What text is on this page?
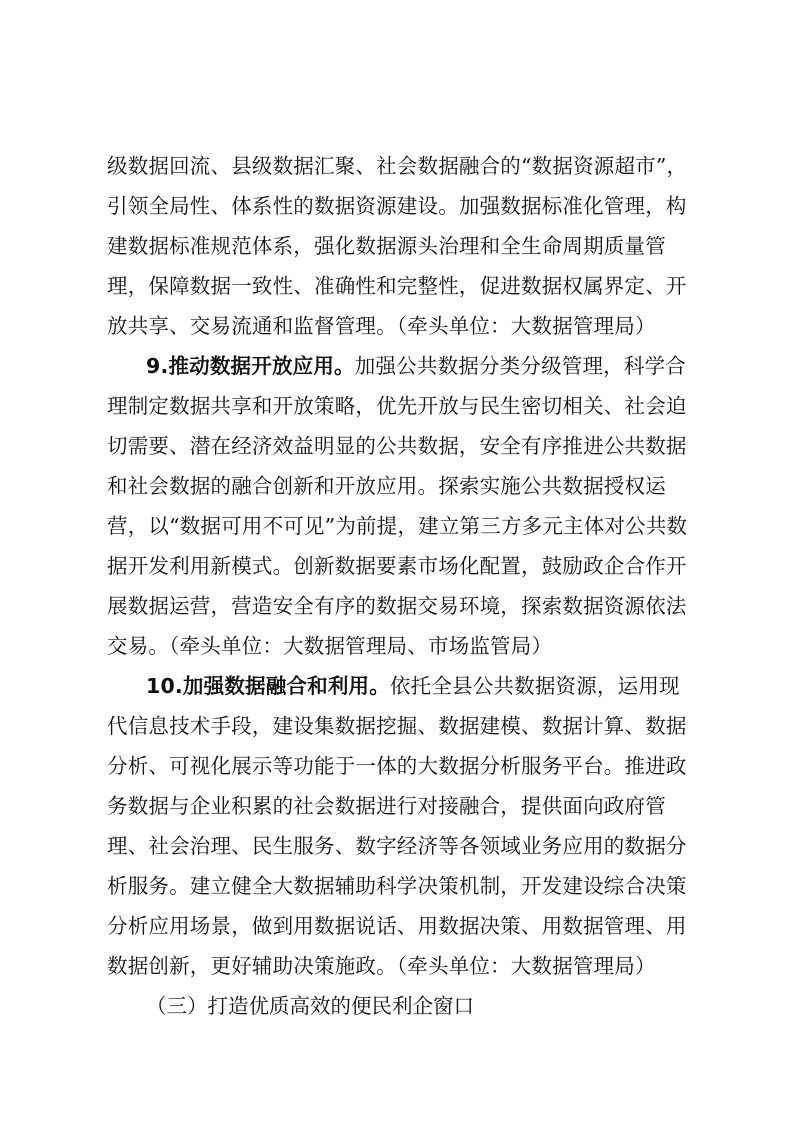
级数据回流、县级数据汇聚、社会数据融合的“数据资源超市”，
引领全局性、体系性的数据资源建设。加强数据标准化管理，构
建数据标准规范体系，强化数据源头治理和全生命周期质量管
理，保障数据一致性、准确性和完整性，促进数据权属界定、开
放共享、交易流通和监督管理。（牵头单位：大数据管理局）
9.推动数据开放应用。加强公共数据分类分级管理，科学合
理制定数据共享和开放策略，优先开放与民生密切相关、社会迫
切需要、潜在经济效益明显的公共数据，安全有序推进公共数据
和社会数据的融合创新和开放应用。探索实施公共数据授权运
营，以“数据可用不可见”为前提，建立第三方多元主体对公共数
据开发利用新模式。创新数据要素市场化配置，鼓励政企合作开
展数据运营，营造安全有序的数据交易环境，探索数据资源依法
交易。（牵头单位：大数据管理局、市场监管局）
10.加强数据融合和利用。依托全县公共数据资源，运用现
代信息技术手段，建设集数据挖掘、数据建模、数据计算、数据
分析、可视化展示等功能于一体的大数据分析服务平台。推进政
务数据与企业积累的社会数据进行对接融合，提供面向政府管
理、社会治理、民生服务、数字经济等各领域业务应用的数据分
析服务。建立健全大数据辅助科学决策机制，开发建设综合决策
分析应用场景，做到用数据说话、用数据决策、用数据管理、用
数据创新，更好辅助决策施政。（牵头单位：大数据管理局）
（三）打造优质高效的便民利企窗口
